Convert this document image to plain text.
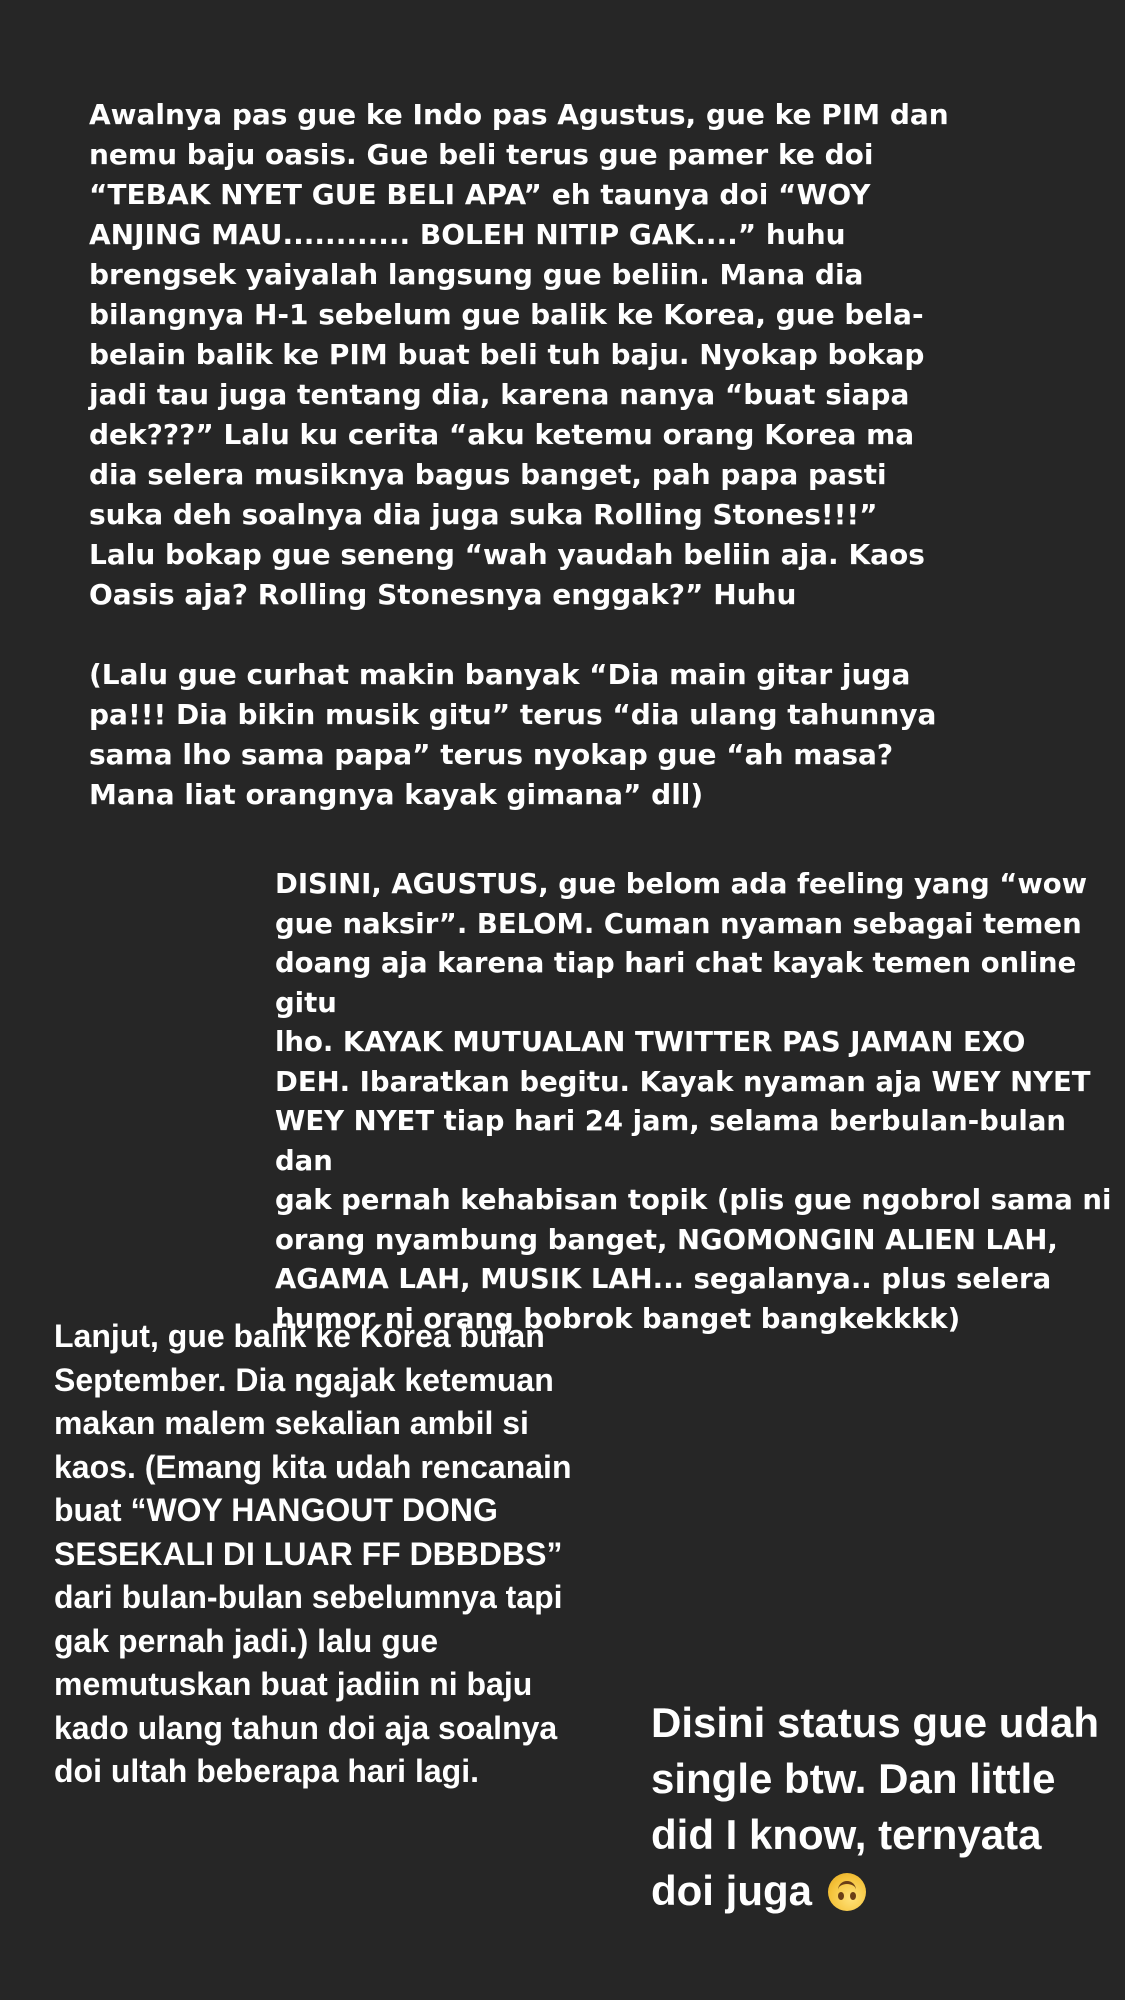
Awalnya pas gue ke Indo pas Agustus, gue ke PIM dan
nemu baju oasis. Gue beli terus gue pamer ke doi
“TEBAK NYET GUE BELI APA” eh taunya doi “WOY
ANJING MAU............ BOLEH NITIP GAK....” huhu
brengsek yaiyalah langsung gue beliin. Mana dia
bilangnya H-1 sebelum gue balik ke Korea, gue bela-
belain balik ke PIM buat beli tuh baju. Nyokap bokap
jadi tau juga tentang dia, karena nanya “buat siapa
dek???” Lalu ku cerita “aku ketemu orang Korea ma
dia selera musiknya bagus banget, pah papa pasti
suka deh soalnya dia juga suka Rolling Stones!!!”
Lalu bokap gue seneng “wah yaudah beliin aja. Kaos
Oasis aja? Rolling Stonesnya enggak?” Huhu

(Lalu gue curhat makin banyak “Dia main gitar juga
pa!!! Dia bikin musik gitu” terus “dia ulang tahunnya
sama lho sama papa” terus nyokap gue “ah masa?
Mana liat orangnya kayak gimana” dll)

DISINI, AGUSTUS, gue belom ada feeling yang “wow
gue naksir”. BELOM. Cuman nyaman sebagai temen
doang aja karena tiap hari chat kayak temen online gitu
lho. KAYAK MUTUALAN TWITTER PAS JAMAN EXO
DEH. Ibaratkan begitu. Kayak nyaman aja WEY NYET
WEY NYET tiap hari 24 jam, selama berbulan-bulan dan
gak pernah kehabisan topik (plis gue ngobrol sama ni
orang nyambung banget, NGOMONGIN ALIEN LAH,
AGAMA LAH, MUSIK LAH... segalanya.. plus selera
humor ni orang bobrok banget bangkekkkk)

Lanjut, gue balik ke Korea bulan
September. Dia ngajak ketemuan
makan malem sekalian ambil si
kaos. (Emang kita udah rencanain
buat “WOY HANGOUT DONG
SESEKALI DI LUAR FF DBBDBS”
dari bulan-bulan sebelumnya tapi
gak pernah jadi.) lalu gue
memutuskan buat jadiin ni baju
kado ulang tahun doi aja soalnya
doi ultah beberapa hari lagi.

Disini status gue udah
single btw. Dan little
did I know, ternyata
doi juga
